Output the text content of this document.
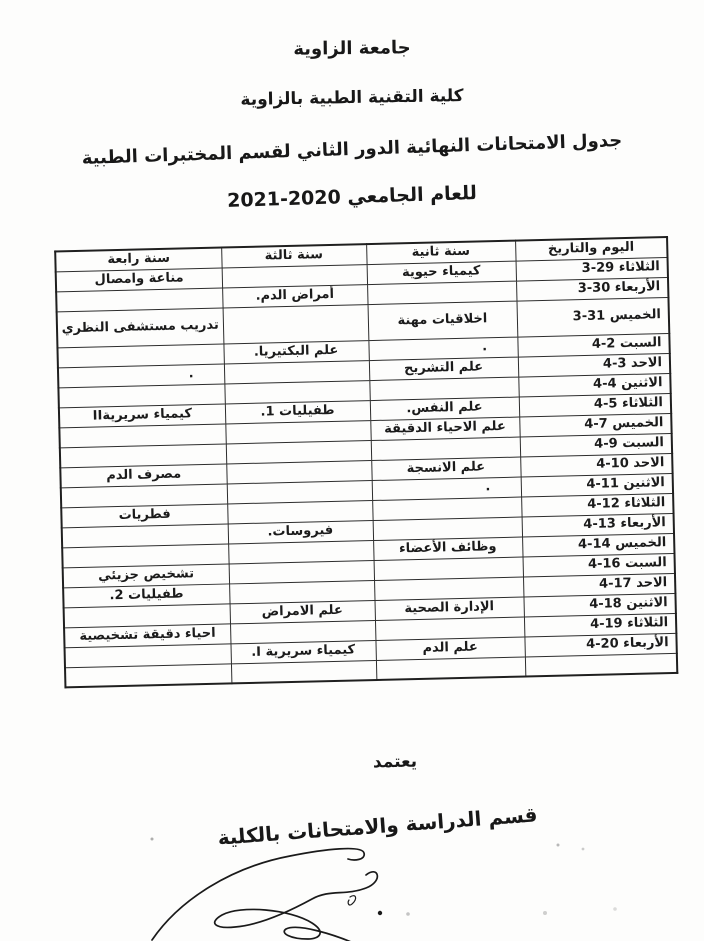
جامعة الزاوية
كلية التقنية الطبية بالزاوية
جدول الامتحانات النهائية الدور الثاني لقسم المختبرات الطبية
للعام الجامعي 2021-2020
اليوم والتاريخ	سنة ثانية	سنة ثالثة	سنة رابعة
الثلاثاء 3-29	كيمياء حيوية		مناعة وامصال
الأربعاء 3-30		أمراض الدم.	
الخميس 3-31	اخلاقيات مهنة		تدريب مستشفى النظري
السبت 4-2	.	علم البكتيريا.	
الاحد 4-3	علم التشريح		.
الاثنين 4-4			
الثلاثاء 4-5	علم النفس.	طفيليات 1.	كيمياء سريريةII
الخميس 4-7	علم الاحياء الدقيقة		
السبت 4-9			
الاحد 4-10	علم الانسجة		مصرف الدم
الاثنين 4-11	.		
الثلاثاء 4-12			فطريات
الأربعاء 4-13		فيروسات.	
الخميس 4-14	وظائف الأعضاء		
السبت 4-16			تشخيص جزيئي
الاحد 4-17			طفيليات 2.
الاثنين 4-18	الإدارة الصحية	علم الامراض	
الثلاثاء 4-19			احياء دقيقة تشخيصية
الأربعاء 4-20	علم الدم	كيمياء سريرية I.	

يعتمد
قسم الدراسة والامتحانات بالكلية
